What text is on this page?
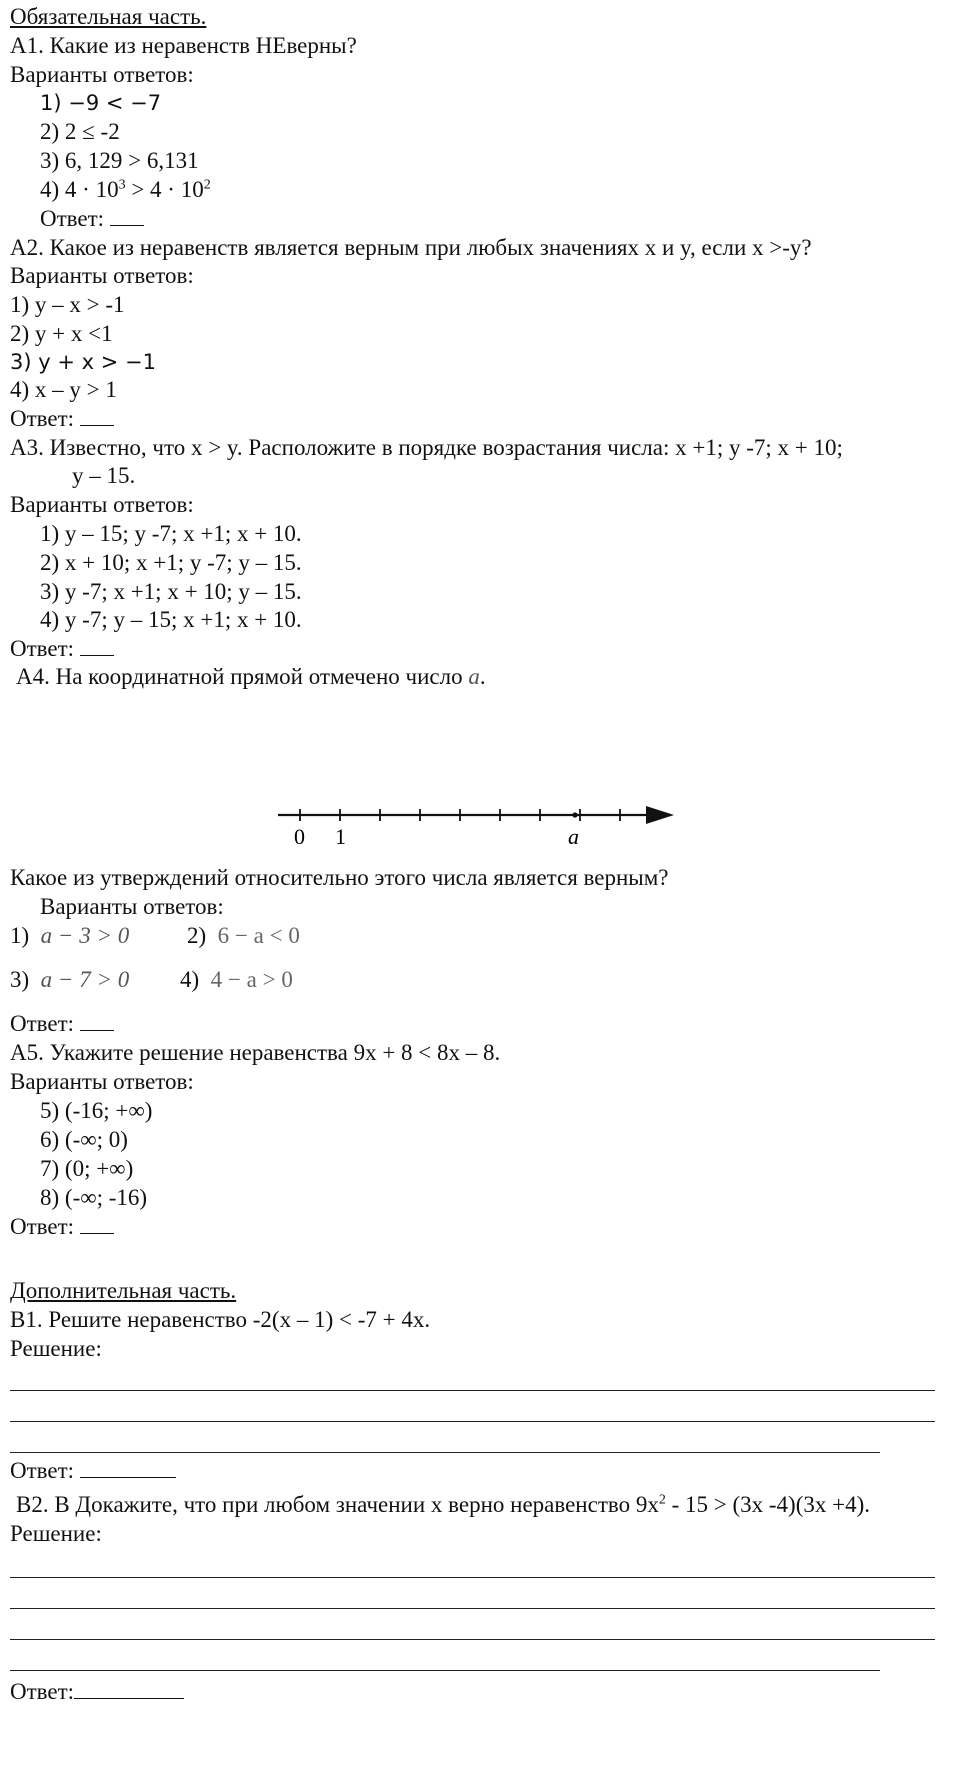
Обязательная часть.
А1. Какие из неравенств НЕверны?
Варианты ответов:
1) −9 < −7
2) 2 ≤ -2
3) 6, 129 > 6,131
4) $4 \cdot 10^3 > 4 \cdot 10^2$
Ответ:
А2. Какое из неравенств является верным при любых значениях x и y, если x >-y?
Варианты ответов:
1) y – x > -1
2) y + x <1
3) y + x > −1
4) x – y > 1
Ответ:
А3. Известно, что x > y. Расположите в порядке возрастания числа: x +1; y -7; x + 10;
y – 15.
Варианты ответов:
1) y – 15; y -7; x +1; x + 10.
2) x + 10; x +1; y -7; y – 15.
3) y -7; x +1; x + 10; y – 15.
4) y -7; y – 15; x +1; x + 10.
Ответ:
А4. На координатной прямой отмечено число a.
0 1	a
Какое из утверждений относительно этого числа является верным?
Варианты ответов:
1) a − 3 > 0	2) 6 − a < 0
3) a − 7 > 0 4) 4 − a > 0
Ответ:
А5. Укажите решение неравенства 9x + 8 < 8x – 8.
Варианты ответов:
5) (-16; +∞)
6) (-∞; 0)
7) (0; +∞)
8) (-∞; -16)
Ответ:
Дополнительная часть.
В1. Решите неравенство -2(x – 1) < -7 + 4x.
Решение:
Ответ:
В2. В Докажите, что при любом значении x верно неравенство $9x^2 - 15 > (3x$ -4)(3x +4).
Решение:
Ответ:
